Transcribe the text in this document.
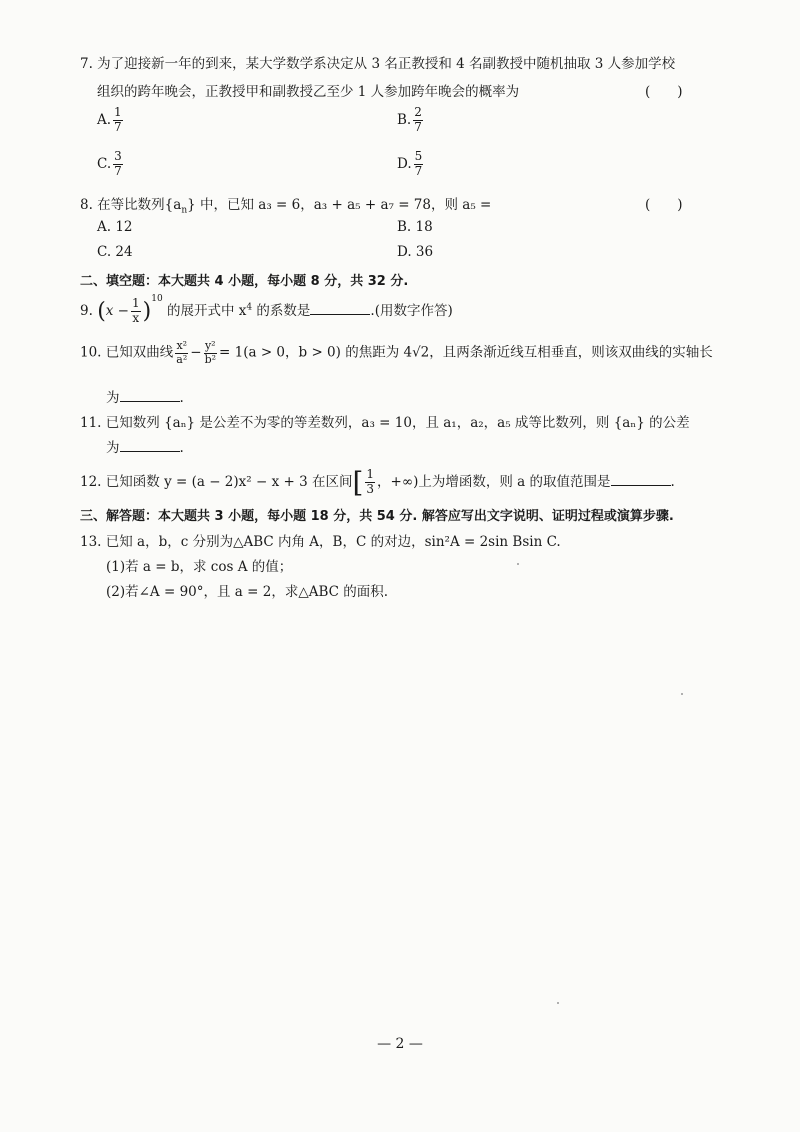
7. 为了迎接新一年的到来，某大学数学系决定从 3 名正教授和 4 名副教授中随机抽取 3 人参加学校
组织的跨年晚会，正教授甲和副教授乙至少 1 人参加跨年晚会的概率为	(　　)
A. $\frac{1}{7}$	B. $\frac{2}{7}$
C. $\frac{3}{7}$	D. $\frac{5}{7}$
8. 在等比数列$\{a_n\}$ 中，已知 a₃ = 6，a₃ + a₅ + a₇ = 78，则 a₅ =	(　　)
A. 12	B. 18
C. 24	D. 36
二、填空题：本大题共 4 小题，每小题 8 分，共 32 分.
9. $(x - \frac{1}{x} )^{10}$ 的展开式中 $x^4$ 的系数是	.(用数字作答)
10. 已知双曲线 $\frac{\text{x²}}{\text{a²}} - \frac{\text{y²}}{\text{b²}} = 1(a > 0$，b > 0) 的焦距为 4√2，且两条渐近线互相垂直，则该双曲线的实轴长
为	.
11. 已知数列 {aₙ} 是公差不为零的等差数列，a₃ = 10，且 a₁，a₂，a₅ 成等比数列，则 {aₙ} 的公差
为	.
12. 已知函数 y = (a − 2)x² − x + 3 在区间[ $\frac{1}{3}$ ，+∞)上为增函数，则 a 的取值范围是	.
三、解答题：本大题共 3 小题，每小题 18 分，共 54 分. 解答应写出文字说明、证明过程或演算步骤.
13. 已知 a，b，c 分别为△ABC 内角 A，B，C 的对边，sin²A = 2sin Bsin C.
(1)若 a = b，求 cos A 的值；
(2)若∠A = 90°，且 a = 2，求△ABC 的面积.
— 2 —
